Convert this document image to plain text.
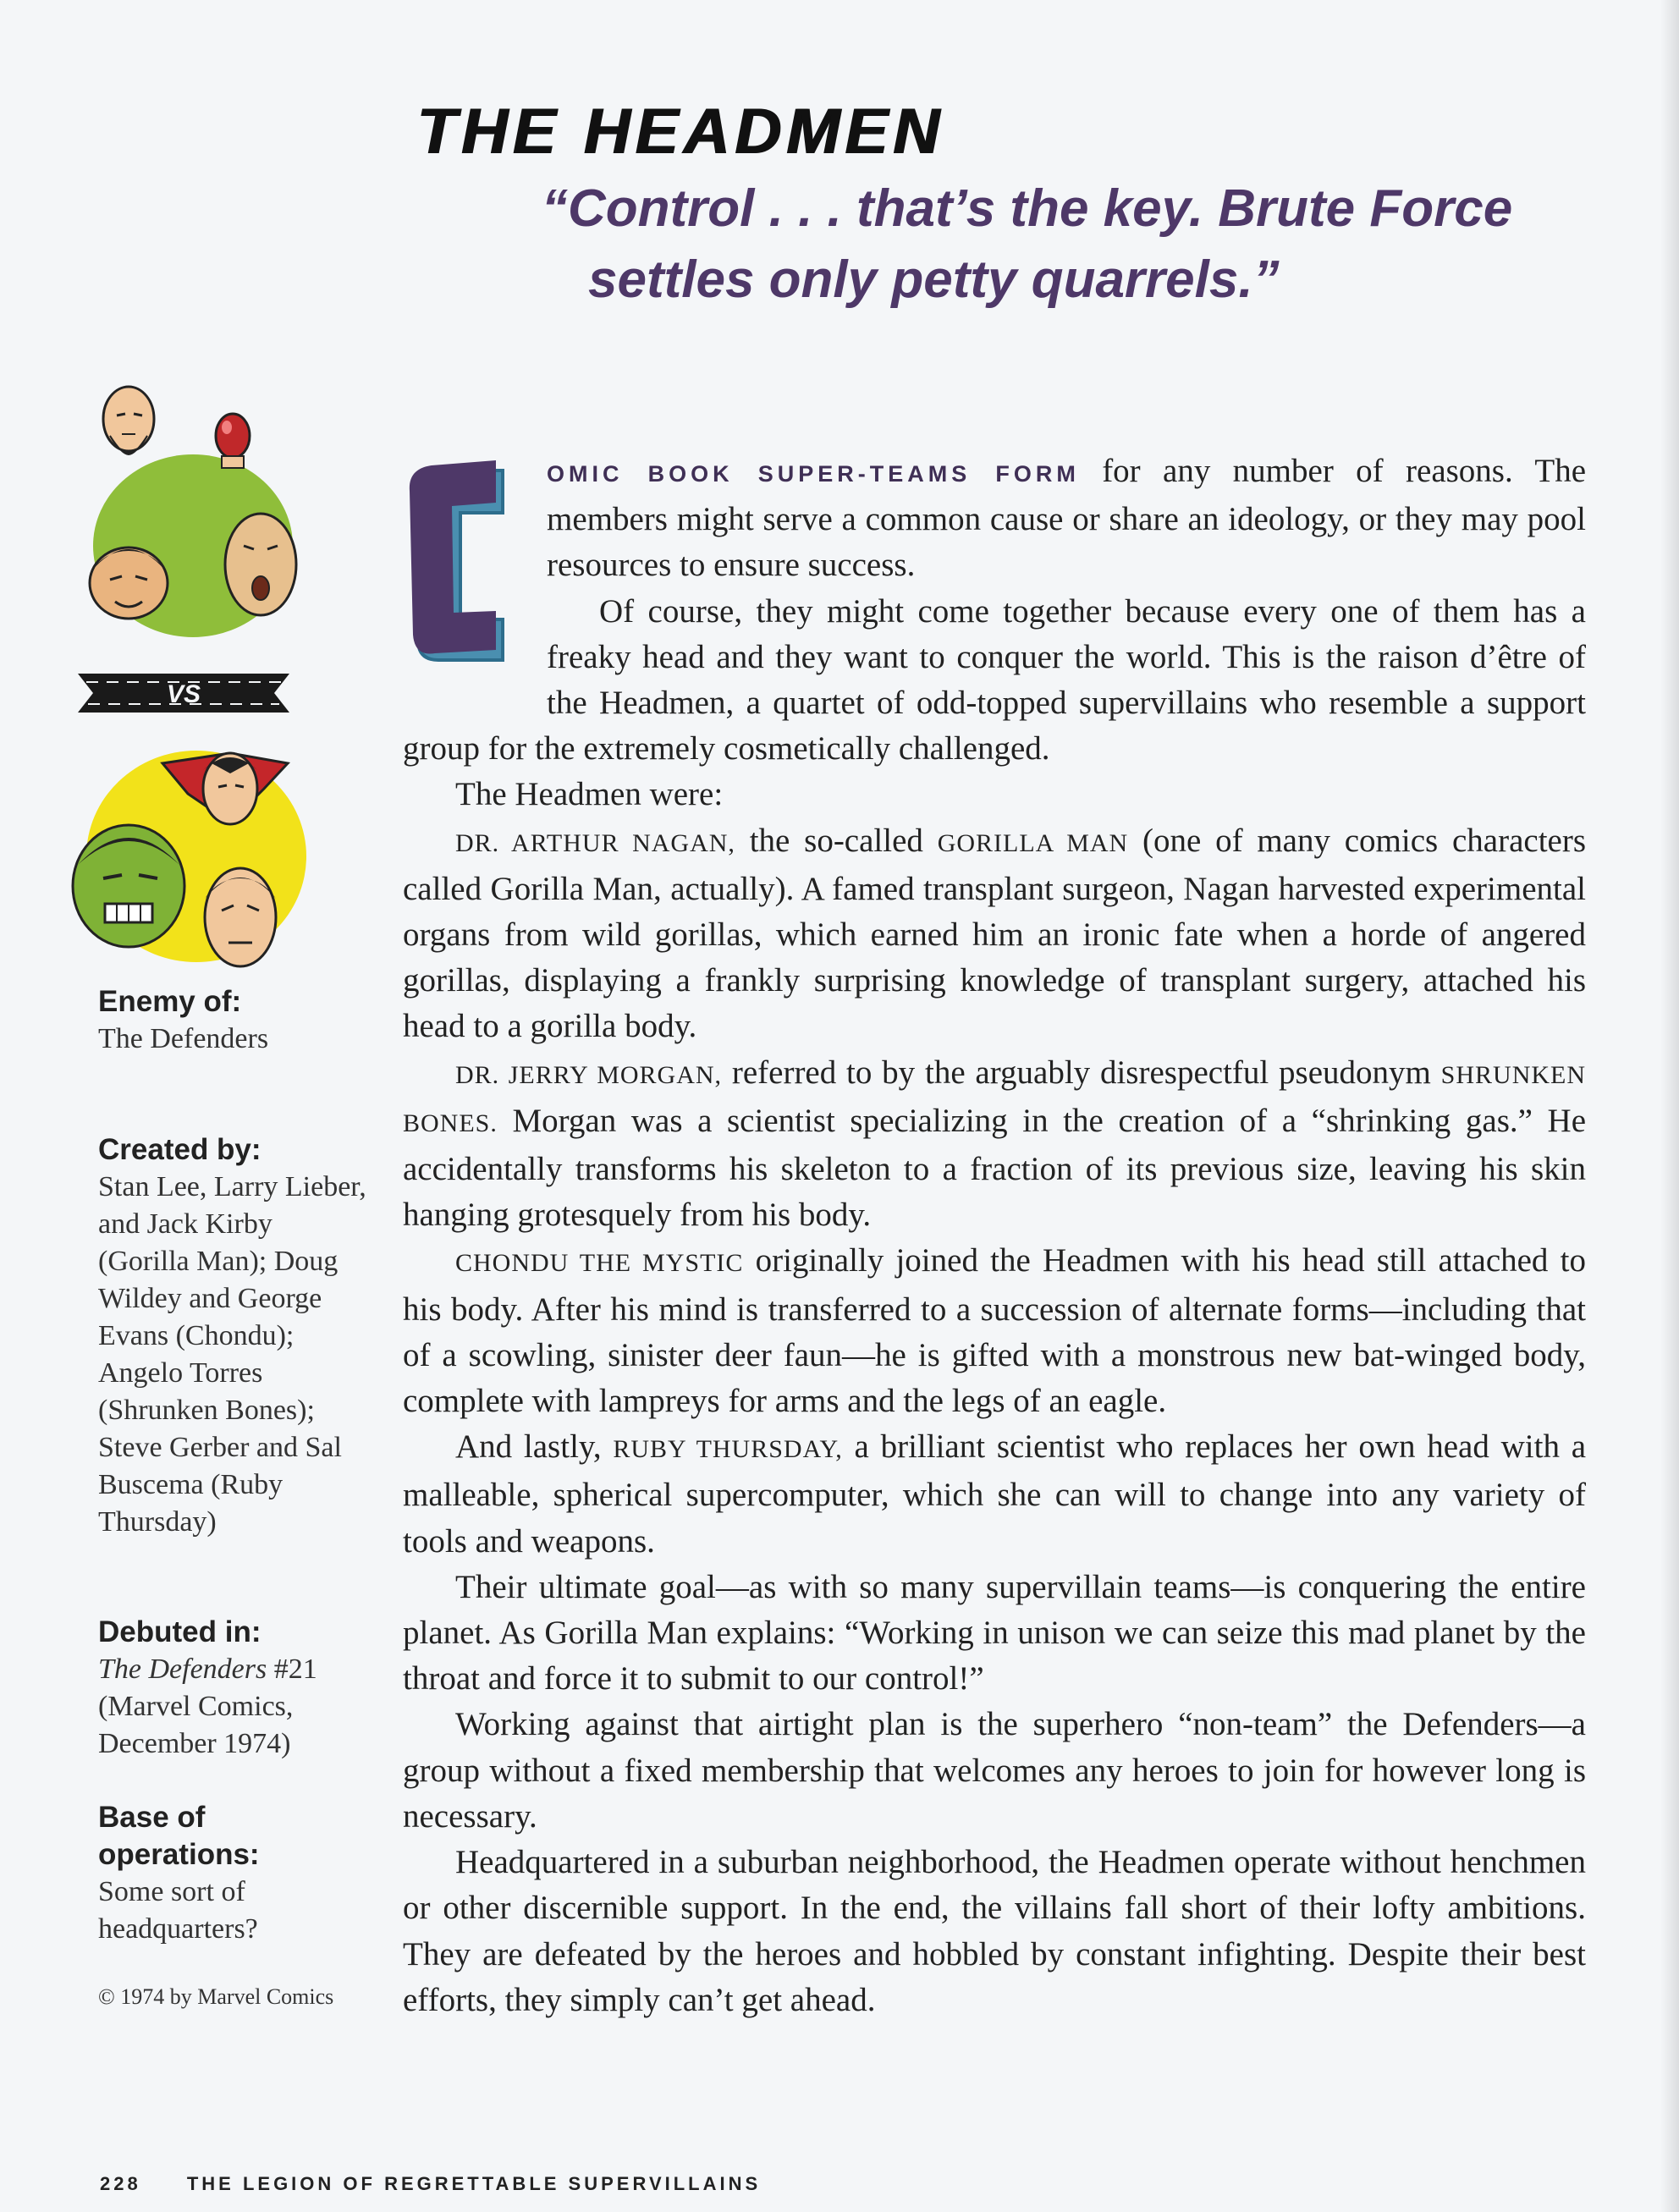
THE HEADMEN
“Control . . . that’s the key. Brute Force
settles only petty quarrels.”
VS

Enemy of:

The Defenders

Created by:

Stan Lee, Larry Lieber, and Jack Kirby (Gorilla Man); Doug Wildey and George Evans (Chondu); Angelo Torres (Shrunken Bones); Steve Gerber and Sal Buscema (Ruby Thursday)

Debuted in:

The Defenders #21 (Marvel Comics, December 1974)

Base of operations:

Some sort of headquarters?

© 1974 by Marvel Comics

OMIC BOOK SUPER-TEAMS FORM for any number of reasons. The members might serve a common cause or share an ideology, or they may pool resources to ensure success.

Of course, they might come together because every one of them has a freaky head and they want to conquer the world. This is the raison d’être of the Headmen, a quartet of odd-topped supervillains who resemble a support group for the extremely cosmetically challenged.

The Headmen were:

DR. ARTHUR NAGAN, the so-called GORILLA MAN (one of many comics characters called Gorilla Man, actually). A famed transplant surgeon, Nagan harvested experimental organs from wild gorillas, which earned him an ironic fate when a horde of angered gorillas, displaying a frankly surprising knowledge of transplant surgery, attached his head to a gorilla body.

DR. JERRY MORGAN, referred to by the arguably disrespectful pseudonym SHRUNKEN BONES. Morgan was a scientist specializing in the creation of a “shrinking gas.” He accidentally transforms his skeleton to a fraction of its previous size, leaving his skin hanging grotesquely from his body.

CHONDU THE MYSTIC originally joined the Headmen with his head still attached to his body. After his mind is transferred to a succession of alternate forms—including that of a scowling, sinister deer faun—he is gifted with a monstrous new bat-winged body, complete with lampreys for arms and the legs of an eagle.

And lastly, RUBY THURSDAY, a brilliant scientist who replaces her own head with a malleable, spherical supercomputer, which she can will to change into any variety of tools and weapons.

Their ultimate goal—as with so many supervillain teams—is conquering the entire planet. As Gorilla Man explains: “Working in unison we can seize this mad planet by the throat and force it to submit to our control!”

Working against that airtight plan is the superhero “non-team” the Defenders—a group without a fixed membership that welcomes any heroes to join for however long is necessary.

Headquartered in a suburban neighborhood, the Headmen operate without henchmen or other discernible support. In the end, the villains fall short of their lofty ambitions. They are defeated by the heroes and hobbled by constant infighting. Despite their best efforts, they simply can’t get ahead.

228 THE LEGION OF REGRETTABLE SUPERVILLAINS
